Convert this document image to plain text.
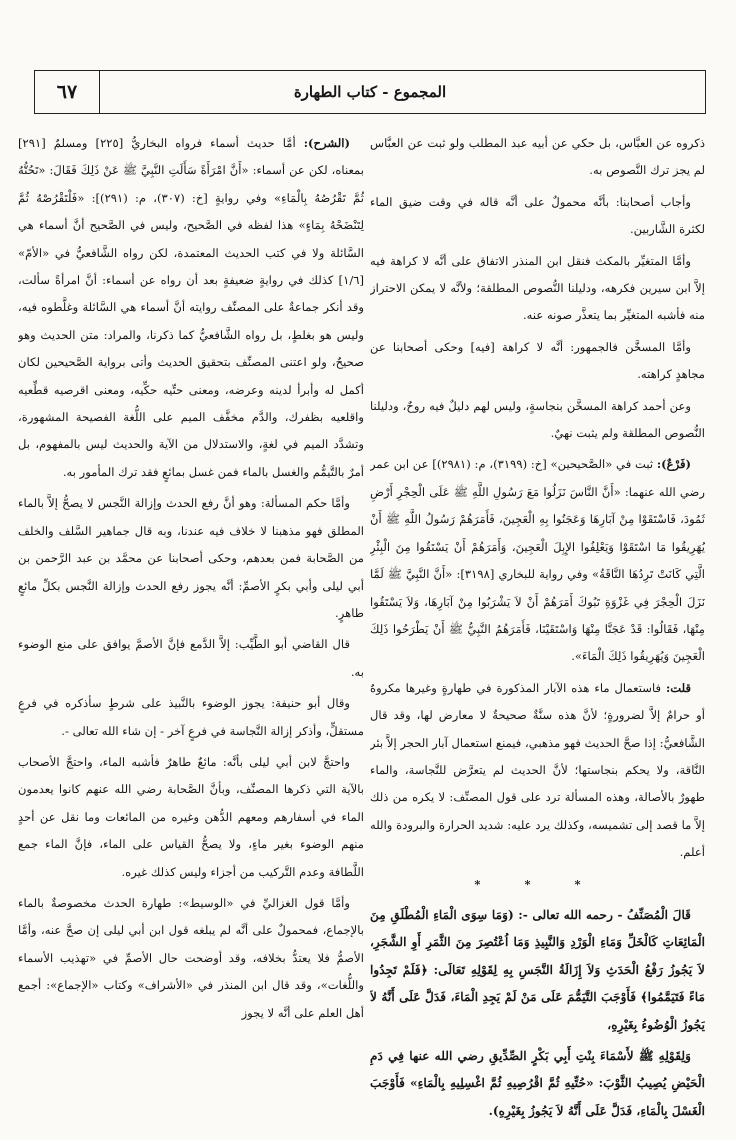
٦٧	المجموع - كتاب الطهارة

ذكروه عن العبَّاس، بل حكي عن أبيه عبد المطلب ولو ثبت عن العبَّاس لم يجز ترك النَّصوص به.

وأجاب أصحابنا: بأنَّه محمولٌ على أنَّه قاله في وقت ضيق الماء لكثرة الشَّاربين.

وأمَّا المتغيِّر بالمكث فنقل ابن المنذر الاتفاق على أنَّه لا كراهة فيه إلاَّ ابن سيرين فكرهه، ودليلنا النُّصوص المطلقة؛ ولأنَّه لا يمكن الاحتراز منه فأشبه المتغيِّر بما يتعذَّر صونه عنه.

وأمَّا المسخَّن فالجمهور: أنَّه لا كراهة [فيه] وحكى أصحابنا عن مجاهدٍ كراهته.

وعن أحمد كراهة المسخَّن بنجاسةٍ، وليس لهم دليلٌ فيه روحٌ، ودليلنا النُّصوص المطلقة ولم يثبت نهيٌ.

(فَرْعٌ): ثبت في «الصَّحيحين» [خ: (٣١٩٩)، م: (٢٩٨١)] عن ابن عمر رضي الله عنهما: «أَنَّ النَّاسَ نَزَلُوا مَعَ رَسُولِ اللَّهِ ﷺ عَلَى الْحِجْرِ أَرْضِ ثَمُودَ، فَاسْتَقَوْا مِنْ آبَارِهَا وَعَجَنُوا بِهِ الْعَجِينَ، فَأَمَرَهُمْ رَسُولُ اللَّهِ ﷺ أَنْ يُهَرِيقُوا مَا اسْتَقَوْا وَيَعْلِفُوا الإِبِلَ الْعَجِينَ، وَأَمَرَهُمْ أَنْ يَسْتَقُوا مِنَ الْبِئْرِ الَّتِي كَانَتْ تَرِدُهَا النَّاقَةُ» وفي رواية للبخاري [٣١٩٨]: «أَنَّ النَّبِيَّ ﷺ لَمَّا نَزَلَ الْحِجْرَ فِي غَزْوَةِ تَبُوكَ أَمَرَهُمْ أَنْ لاَ يَشْرَبُوا مِنْ آبَارِهَا، وَلاَ يَسْتَقُوا مِنْهَا، فَقَالُوا: قَدْ عَجَنَّا مِنْهَا وَاسْتَقَيْنَا، فَأَمَرَهُمُ النَّبِيُّ ﷺ أَنْ يَطْرَحُوا ذَلِكَ الْعَجِينَ وَيُهَرِيقُوا ذَلِكَ الْمَاءَ».

قلت: فاستعمال ماء هذه الآبار المذكورة في طهارةٍ وغيرها مكروهٌ أو حرامٌ إلاَّ لضرورةٍ؛ لأنَّ هذه سنَّةٌ صحيحةٌ لا معارض لها، وقد قال الشَّافعيُّ: إذا صحَّ الحديث فهو مذهبي، فيمنع استعمال آبار الحجر إلاَّ بئر النَّاقة، ولا يحكم بنجاستها؛ لأنَّ الحديث لم يتعرَّض للنَّجاسة، والماء طهورٌ بالأصالة، وهذه المسألة ترد على قول المصنِّف: لا يكره من ذلك إلاَّ ما قصد إلى تشميسه، وكذلك يرد عليه: شديد الحرارة والبرودة والله أعلم.

* * *

قَالَ الْمُصَنِّفُ - رحمه الله تعالى -: (وَمَا سِوَى الْمَاءِ الْمُطْلَقِ مِنَ الْمَائِعَاتِ كَالْخَلِّ وَمَاءِ الْوَرْدِ وَالنَّبِيذِ وَمَا اُعْتُصِرَ مِنَ الثَّمَرِ أَوِ الشَّجَرِ، لاَ يَجُوزُ رَفْعُ الْحَدَثِ وَلاَ إِزَالَةُ النَّجَسِ بِهِ لِقَوْلِهِ تَعَالَى: ﴿فَلَمْ تَجِدُوا مَاءً فَتَيَمَّمُوا﴾ فَأَوْجَبَ التَّيَمُّمَ عَلَى مَنْ لَمْ يَجِدِ الْمَاءَ، فَدَلَّ عَلَى أَنَّهُ لاَ يَجُوزُ الْوُضُوءُ بِغَيْرِهِ،

وَلِقَوْلِهِ ﷺ لأَسْمَاءَ بِنْتِ أَبِي بَكْرٍ الصِّدِّيقِ رضي الله عنها فِي دَمِ الْحَيْضِ يُصِيبُ الثَّوْبَ: «حُتِّيهِ ثُمَّ اقْرُصِيهِ ثُمَّ اغْسِلِيهِ بِالْمَاءِ» فَأَوْجَبَ الْغَسْلَ بِالْمَاءِ، فَدَلَّ عَلَى أَنَّهُ لاَ يَجُوزُ بِغَيْرِهِ).

(الشرح): أمَّا حديث أسماء فرواه البخاريُّ [٢٢٥] ومسلمٌ [٢٩١] بمعناه، لكن عن أسماء: «أَنَّ امْرَأَةً سَأَلَتِ النَّبِيَّ ﷺ عَنْ ذَلِكَ فَقَالَ: «تَحُتُّهُ ثُمَّ تَقْرُصُهُ بِالْمَاءِ» وفي روايةٍ [خ: (٣٠٧)، م: (٢٩١)]: «فَلْتَقْرُصْهُ ثُمَّ لِتَنْضَحْهُ بِمَاءٍ» هذا لفظه في الصَّحيح، وليس في الصَّحيح أنَّ أسماء هي السَّائلة ولا في كتب الحديث المعتمدة، لكن رواه الشَّافعيُّ في «الأمّ» [١/٦] كذلك في روايةٍ ضعيفةٍ بعد أن رواه عن أسماء: أنَّ امرأةً سألت، وقد أنكر جماعةٌ على المصنِّف روايته أنَّ أسماء هي السَّائلة وغلَّطوه فيه، وليس هو بغلطٍ، بل رواه الشَّافعيُّ كما ذكرنا، والمراد: متن الحديث وهو صحيحٌ، ولو اعتنى المصنِّف بتحقيق الحديث وأتى برواية الصَّحيحين لكان أكمل له وأبرأ لدينه وعرضه، ومعنى حتِّيه حكِّيه، ومعنى اقرصيه قطِّعيه واقلعيه بظفرك، والدَّم مخفَّف الميم على اللُّغة الفصيحة المشهورة، وتشدَّد الميم في لغةٍ، والاستدلال من الآية والحديث ليس بالمفهوم، بل أمرٌ بالتَّيمُّم والغسل بالماء فمن غسل بمائعٍ فقد ترك المأمور به.

وأمَّا حكم المسألة: وهو أنَّ رفع الحدث وإزالة النَّجس لا يصحُّ إلاَّ بالماء المطلق فهو مذهبنا لا خلاف فيه عندنا، وبه قال جماهير السَّلف والخلف من الصَّحابة فمن بعدهم، وحكى أصحابنا عن محمَّد بن عبد الرَّحمن بن أبي ليلى وأبي بكرٍ الأصمِّ: أنَّه يجوز رفع الحدث وإزالة النَّجس بكلِّ مائعٍ طاهرٍ.

قال القاضي أبو الطَّيِّب: إلاَّ الدَّمع فإنَّ الأصمَّ يوافق على منع الوضوء به.

وقال أبو حنيفة: يجوز الوضوء بالنَّبيذ على شرطٍ سأذكره في فرعٍ مستقلٍّ، وأذكر إزالة النَّجاسة في فرعٍ آخر - إن شاء الله تعالى -.

واحتجَّ لابن أبي ليلى بأنَّه: مائعٌ طاهرٌ فأشبه الماء، واحتجَّ الأصحاب بالآية التي ذكرها المصنِّف، وبأنَّ الصَّحابة رضي الله عنهم كانوا يعدمون الماء في أسفارهم ومعهم الدُّهن وغيره من المائعات وما نقل عن أحدٍ منهم الوضوء بغير ماءٍ، ولا يصحُّ القياس على الماء، فإنَّ الماء جمع اللَّطافة وعدم التَّركيب من أجزاء وليس كذلك غيره.

وأمَّا قول الغزاليِّ في «الوسيط»: طهارة الحدث مخصوصةٌ بالماء بالإجماع، فمحمولٌ على أنَّه لم يبلغه قول ابن أبي ليلى إن صحَّ عنه، وأمَّا الأصمُّ فلا يعتدُّ بخلافه، وقد أوضحت حال الأصمِّ في «تهذيب الأسماء واللُّغات»، وقد قال ابن المنذر في «الأشراف» وكتاب «الإجماع»: أجمع أهل العلم على أنَّه لا يجوز
